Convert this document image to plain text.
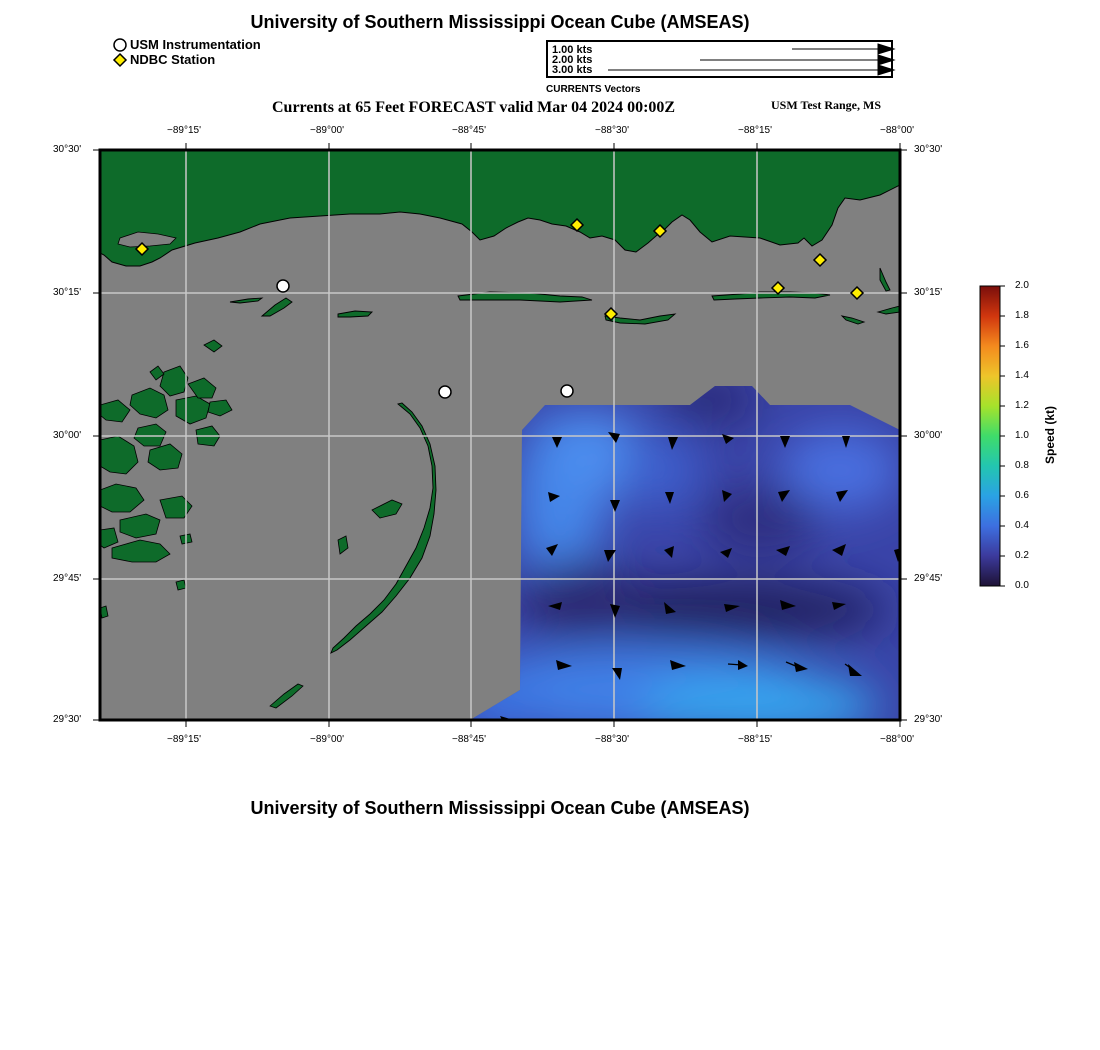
University of Southern Mississippi Ocean Cube (AMSEAS)
University of Southern Mississippi Ocean Cube (AMSEAS)
USM Instrumentation
NDBC Station
1.00 kts
2.00 kts
3.00 kts
CURRENTS Vectors
Currents at 65 Feet FORECAST valid Mar 04 2024 00:00Z	USM Test Range, MS
−89°15'	−89°00'	−88°45'	−88°30'	−88°15'	−88°00'
−89°15'	−89°00'	−88°45'	−88°30'	−88°15'	−88°00'
30°30'
30°15'
30°00'
29°45'
29°30'
30°30'
30°15'
30°00'
29°45'
29°30'
2.0
1.8
1.6
1.4
1.2
1.0
0.8
0.6
0.4
0.2
0.0
Speed (kt)
